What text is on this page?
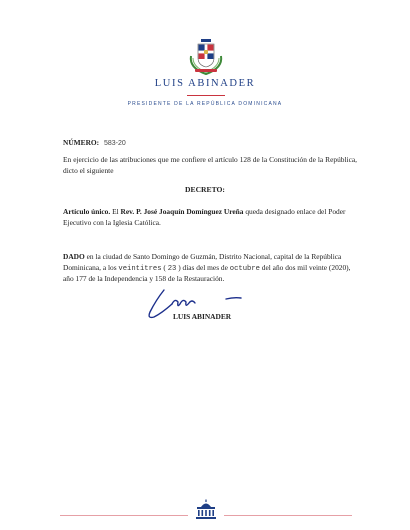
LUIS ABINADER
PRESIDENTE DE LA REPÚBLICA DOMINICANA
NÚMERO: 583-20
En ejercicio de las atribuciones que me confiere el artículo 128 de la Constitución de la República, dicto el siguiente
DECRETO:
Artículo único. El Rev. P. José Joaquín Domínguez Ureña queda designado enlace del Poder Ejecutivo con la Iglesia Católica.
DADO en la ciudad de Santo Domingo de Guzmán, Distrito Nacional, capital de la República Dominicana, a los veintitres ( 23 ) días del mes de octubre del año dos mil veinte (2020), año 177 de la Independencia y 158 de la Restauración.
LUIS ABINADER
